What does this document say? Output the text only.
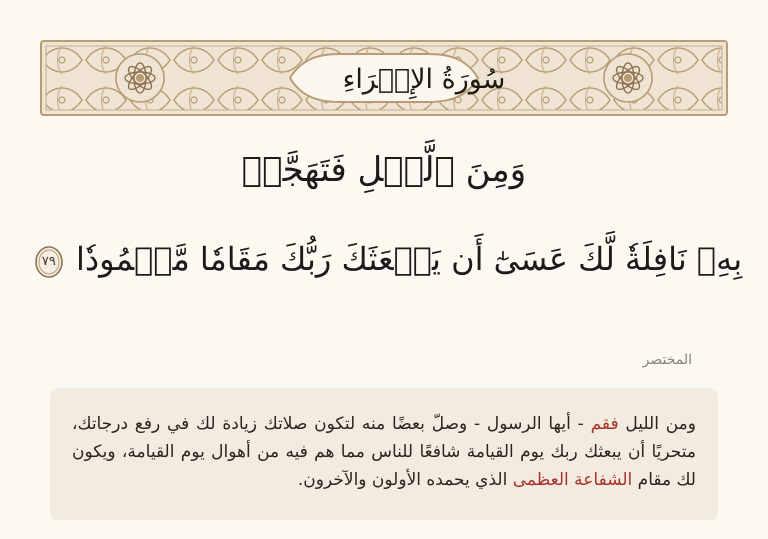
سُورَةُ الإِسۡرَاءِ
وَمِنَ ٱلَّيۡلِ فَتَهَجَّدۡ
بِهِۦ نَافِلَةٗ لَّكَ عَسَىٰٓ أَن يَبۡعَثَكَ رَبُّكَ مَقَامٗا مَّحۡمُودٗا
٧٩
المختصر
ومن الليل فقم - أيها الرسول - وصلّ بعضًا منه لتكون صلاتك زيادة لك في رفع درجاتك، متحريًا أن يبعثك ربك يوم القيامة شافعًا للناس مما هم فيه من أهوال يوم القيامة، ويكون لك مقام الشفاعة العظمى الذي يحمده الأولون والآخرون.
